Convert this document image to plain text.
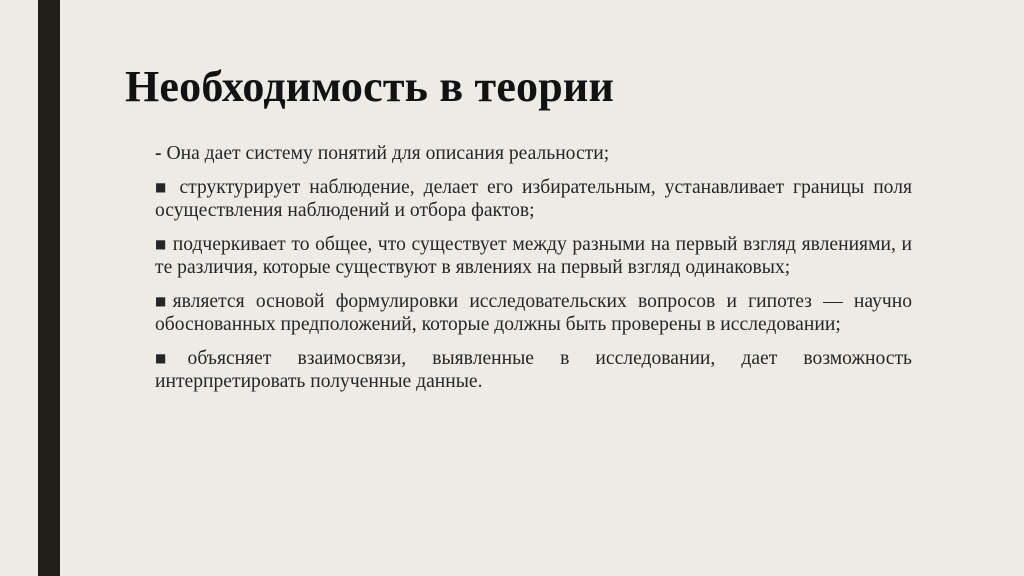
Необходимость в теории
- Она дает систему понятий для описания реальности;
■ структурирует наблюдение, делает его избирательным, устанавливает границы поля осуществления наблюдений и отбора фактов;
■ подчеркивает то общее, что существует между разными на первый взгляд явлениями, и те различия, которые существуют в явлениях на первый взгляд одинаковых;
■является основой формулировки исследовательских вопросов и гипотез — научно обоснованных предположений, которые должны быть проверены в исследовании;
■объясняет взаимосвязи, выявленные в исследовании, дает возможность интерпретировать полученные данные.
